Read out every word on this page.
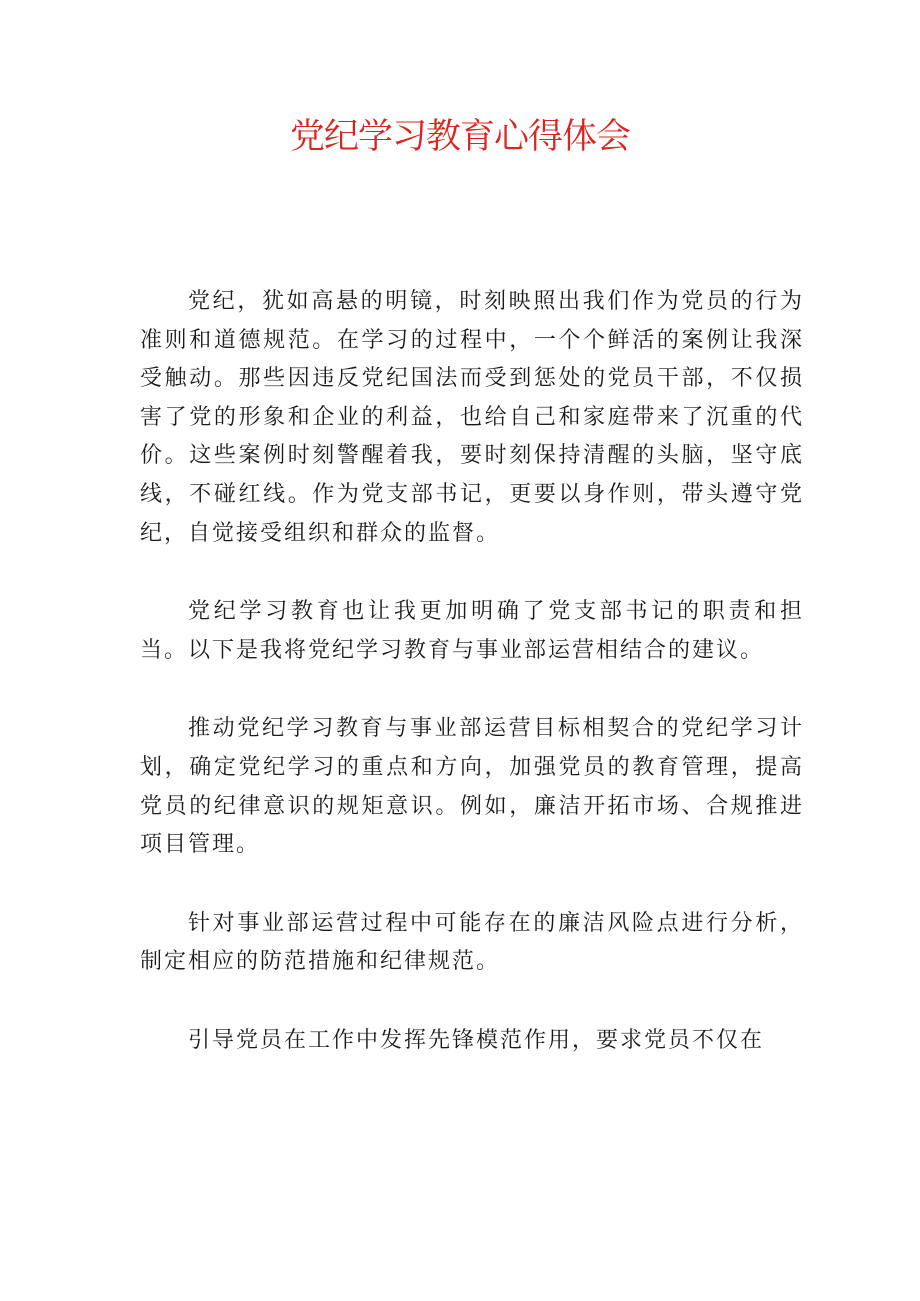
党纪学习教育心得体会

党纪，犹如高悬的明镜，时刻映照出我们作为党员的行为准则和道德规范。在学习的过程中，一个个鲜活的案例让我深受触动。那些因违反党纪国法而受到惩处的党员干部，不仅损害了党的形象和企业的利益，也给自己和家庭带来了沉重的代价。这些案例时刻警醒着我，要时刻保持清醒的头脑，坚守底线，不碰红线。作为党支部书记，更要以身作则，带头遵守党纪，自觉接受组织和群众的监督。

党纪学习教育也让我更加明确了党支部书记的职责和担当。以下是我将党纪学习教育与事业部运营相结合的建议。

推动党纪学习教育与事业部运营目标相契合的党纪学习计划，确定党纪学习的重点和方向，加强党员的教育管理，提高党员的纪律意识的规矩意识。例如，廉洁开拓市场、合规推进项目管理。

针对事业部运营过程中可能存在的廉洁风险点进行分析，制定相应的防范措施和纪律规范。

引导党员在工作中发挥先锋模范作用，要求党员不仅在
